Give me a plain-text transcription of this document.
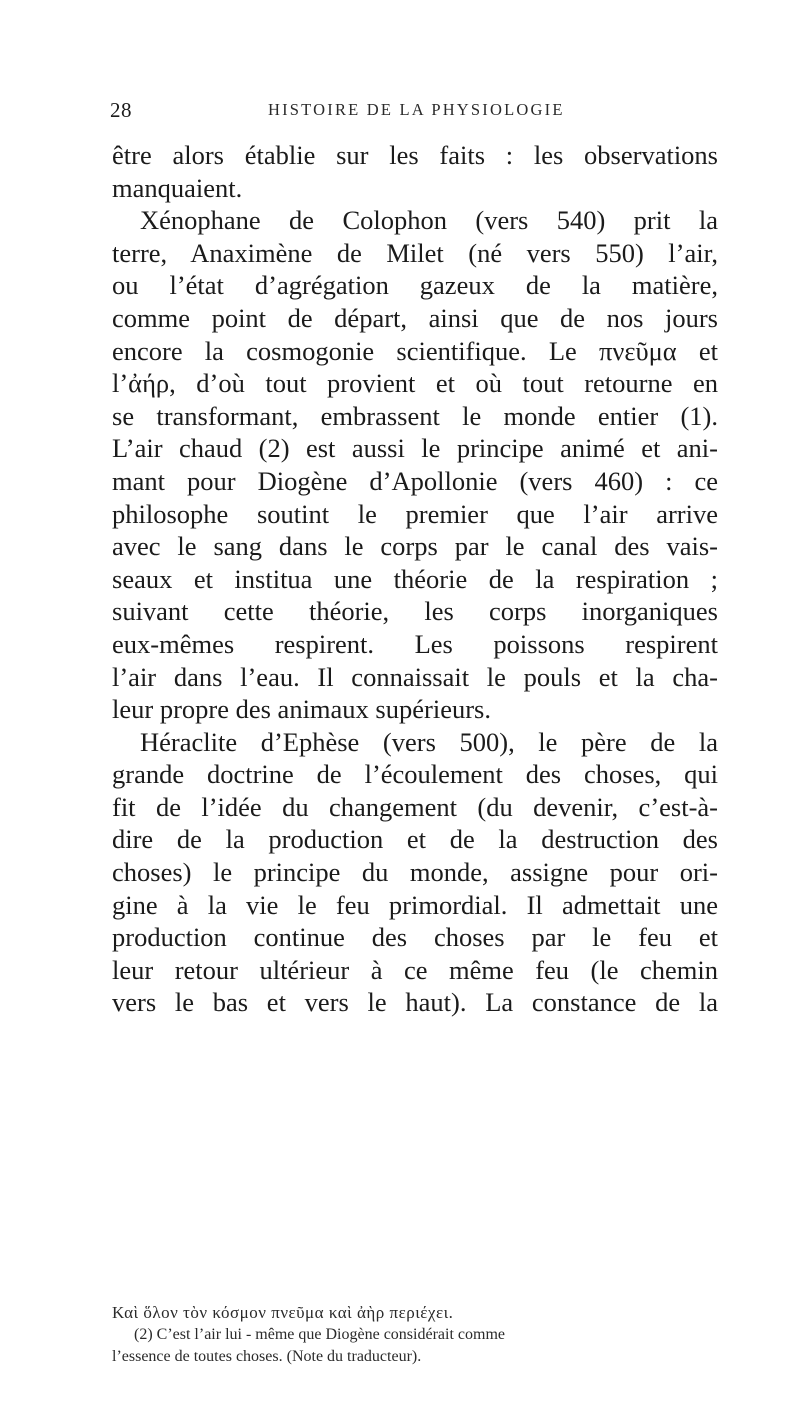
28	HISTOIRE DE LA PHYSIOLOGIE
être alors établie sur les faits : les observations
manquaient.
Xénophane de Colophon (vers 540) prit la
terre, Anaximène de Milet (né vers 550) l’air,
ou l’état d’agrégation gazeux de la matière,
comme point de départ, ainsi que de nos jours
encore la cosmogonie scientifique. Le πνεῦμα et
l’ἀήρ, d’où tout provient et où tout retourne en
se transformant, embrassent le monde entier (1).
L’air chaud (2) est aussi le principe animé et ani-
mant pour Diogène d’Apollonie (vers 460) : ce
philosophe soutint le premier que l’air arrive
avec le sang dans le corps par le canal des vais-
seaux et institua une théorie de la respiration ;
suivant cette théorie, les corps inorganiques
eux-mêmes respirent. Les poissons respirent
l’air dans l’eau. Il connaissait le pouls et la cha-
leur propre des animaux supérieurs.
Héraclite d’Ephèse (vers 500), le père de la
grande doctrine de l’écoulement des choses, qui
fit de l’idée du changement (du devenir, c’est-à-
dire de la production et de la destruction des
choses) le principe du monde, assigne pour ori-
gine à la vie le feu primordial. Il admettait une
production continue des choses par le feu et
leur retour ultérieur à ce même feu (le chemin
vers le bas et vers le haut). La constance de la
Καὶ ὅλον τὸν κόσμον πνεῦμα καὶ ἀὴρ περιέχει.
(2) C’est l’air lui - même que Diogène considérait comme
l’essence de toutes choses. (Note du traducteur).
